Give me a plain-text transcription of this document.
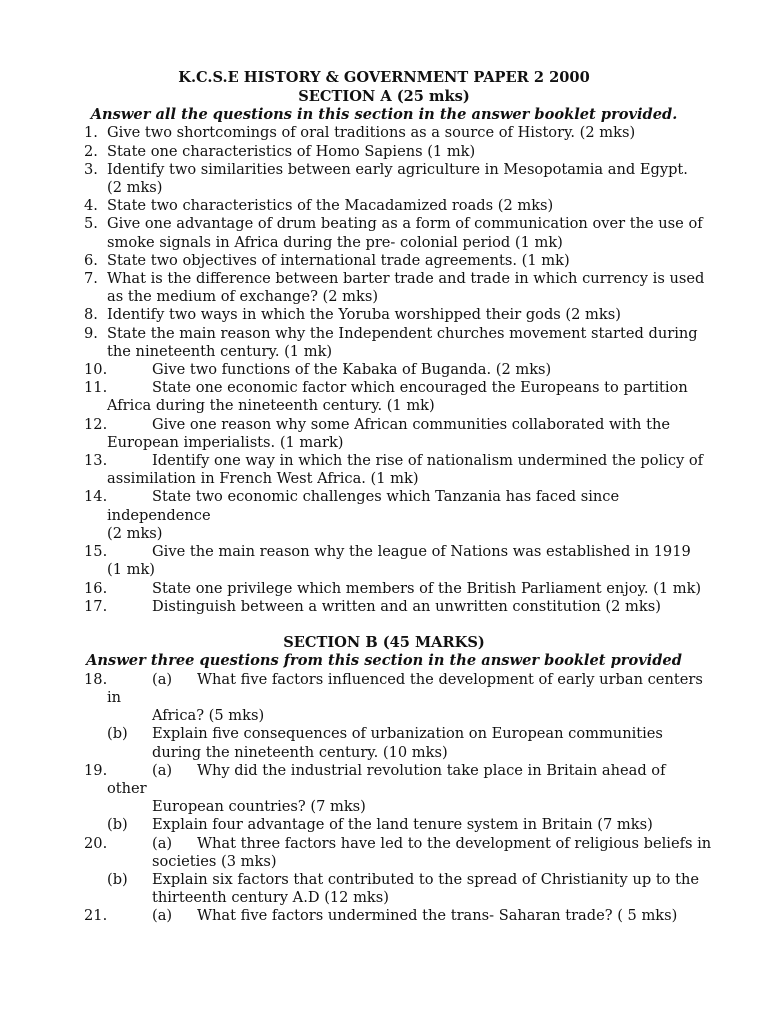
K.C.S.E HISTORY & GOVERNMENT PAPER 2 2000
SECTION A (25 mks)
Answer all the questions in this section in the answer booklet provided.
1. Give two shortcomings of oral traditions as a source of History. (2 mks)
2. State one characteristics of Homo Sapiens (1 mk)
3. Identify two similarities between early agriculture in Mesopotamia and Egypt.
(2 mks)
4. State two characteristics of the Macadamized roads (2 mks)
5. Give one advantage of drum beating as a form of communication over the use of
smoke signals in Africa during the pre- colonial period (1 mk)
6. State two objectives of international trade agreements. (1 mk)
7. What is the difference between barter trade and trade in which currency is used
as the medium of exchange? (2 mks)
8. Identify two ways in which the Yoruba worshipped their gods (2 mks)
9. State the main reason why the Independent churches movement started during
the nineteenth century. (1 mk)
10.	Give two functions of the Kabaka of Buganda. (2 mks)
11.	State one economic factor which encouraged the Europeans to partition
Africa during the nineteenth century. (1 mk)
12.	Give one reason why some African communities collaborated with the
European imperialists. (1 mark)
13.	Identify one way in which the rise of nationalism undermined the policy of
assimilation in French West Africa. (1 mk)
14.	State two economic challenges which Tanzania has faced since
independence
(2 mks)
15.	Give the main reason why the league of Nations was established in 1919
(1 mk)
16.	State one privilege which members of the British Parliament enjoy. (1 mk)
17.	Distinguish between a written and an unwritten constitution (2 mks)
SECTION B (45 MARKS)
Answer three questions from this section in the answer booklet provided
18.	(a) What five factors influenced the development of early urban centers
in
Africa? (5 mks)
(b) Explain five consequences of urbanization on European communities
during the nineteenth century. (10 mks)
19.	(a) Why did the industrial revolution take place in Britain ahead of
other
European countries? (7 mks)
(b) Explain four advantage of the land tenure system in Britain (7 mks)
20.	(a) What three factors have led to the development of religious beliefs in
societies (3 mks)
(b) Explain six factors that contributed to the spread of Christianity up to the
thirteenth century A.D (12 mks)
21.	(a) What five factors undermined the trans- Saharan trade? ( 5 mks)
